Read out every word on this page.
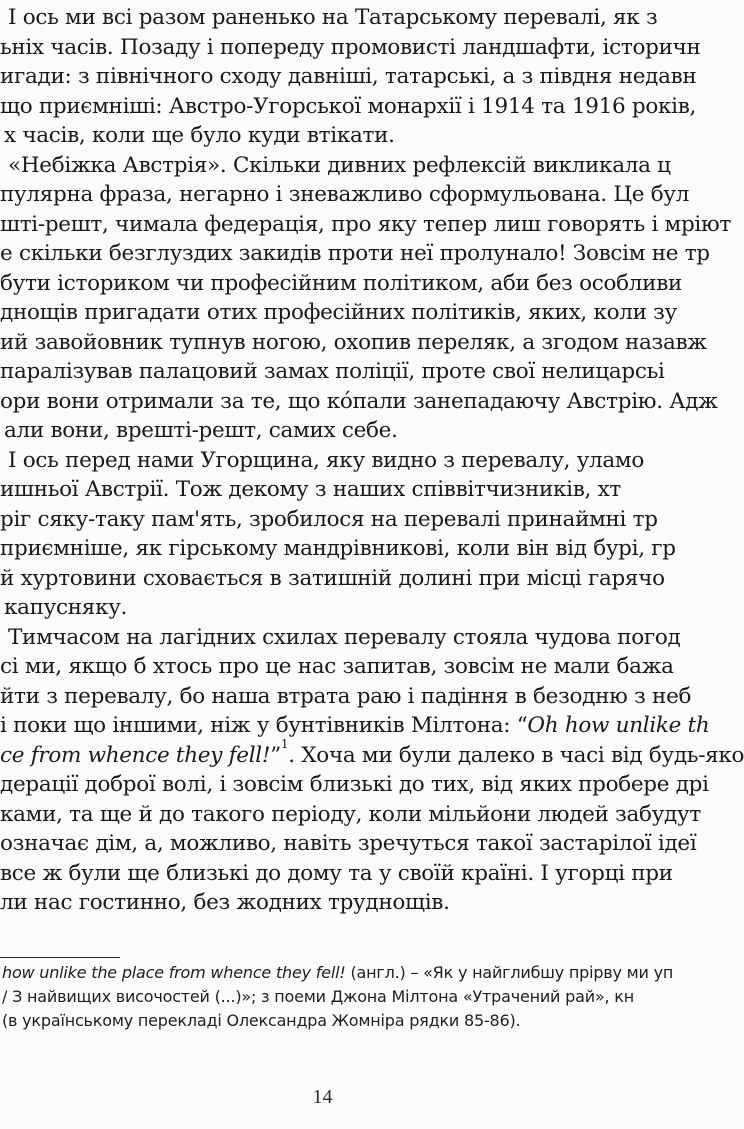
І ось ми всі разом раненько на Татарському перевалі, як з
ьніх часів. Позаду і попереду промовисті ландшафти, історичн
игади: з північного сходу давніші, татарські, а з півдня недавн
що приємніші: Австро-Угорської монархії і 1914 та 1916 років,
х часів, коли ще було куди втікати.
«Небіжка Австрія». Скільки дивних рефлексій викликала ц
пулярна фраза, негарно і зневажливо сформульована. Це бул
шті-решт, чимала федерація, про яку тепер лиш говорять і мріют
е скільки безглуздих закидів проти неї пролунало! Зовсім не тр
бути істориком чи професійним політиком, аби без особливи
днощів пригадати отих професійних політиків, яких, коли зу
ий завойовник тупнув ногою, охопив переляк, а згодом назавж
паралізував палацовий замах поліції, проте свої нелицарсьі
ори вони отримали за те, що кóпали занепадаючу Австрію. Адж
али вони, врешті-решт, самих себе.
І ось перед нами Угорщина, яку видно з перевалу, уламо
ишньої Австрії. Тож декому з наших співвітчизників, хт
ріг сяку-таку пам'ять, зробилося на перевалі принаймні тр
приємніше, як гірському мандрівникові, коли він від бурі, гр
й хуртовини сховається в затишній долині при місці гарячо
капусняку.
Тимчасом на лагідних схилах перевалу стояла чудова погод
сі ми, якщо б хтось про це нас запитав, зовсім не мали бажа
йти з перевалу, бо наша втрата раю і падіння в безодню з неб
і поки що іншими, ніж у бунтівників Мілтона: “Oh how unlike th
ce from whence they fell!”$^1$. Хоча ми були далеко в часі від будь-яко
дерації доброї волі, і зовсім близькі до тих, від яких пробере дрі
ками, та ще й до такого періоду, коли мільйони людей забудут
означає дім, а, можливо, навіть зречуться такої застарілої ідеї
все ж були ще близькі до дому та у своїй країні. І угорці при
ли нас гостинно, без жодних труднощів.
how unlike the place from whence they fell! (англ.) – «Як у найглибшу прірву ми уп
/ З найвищих височостей (...)»; з поеми Джона Мілтона «Утрачений рай», кн
(в українському перекладі Олександра Жомніра рядки 85-86).
14
